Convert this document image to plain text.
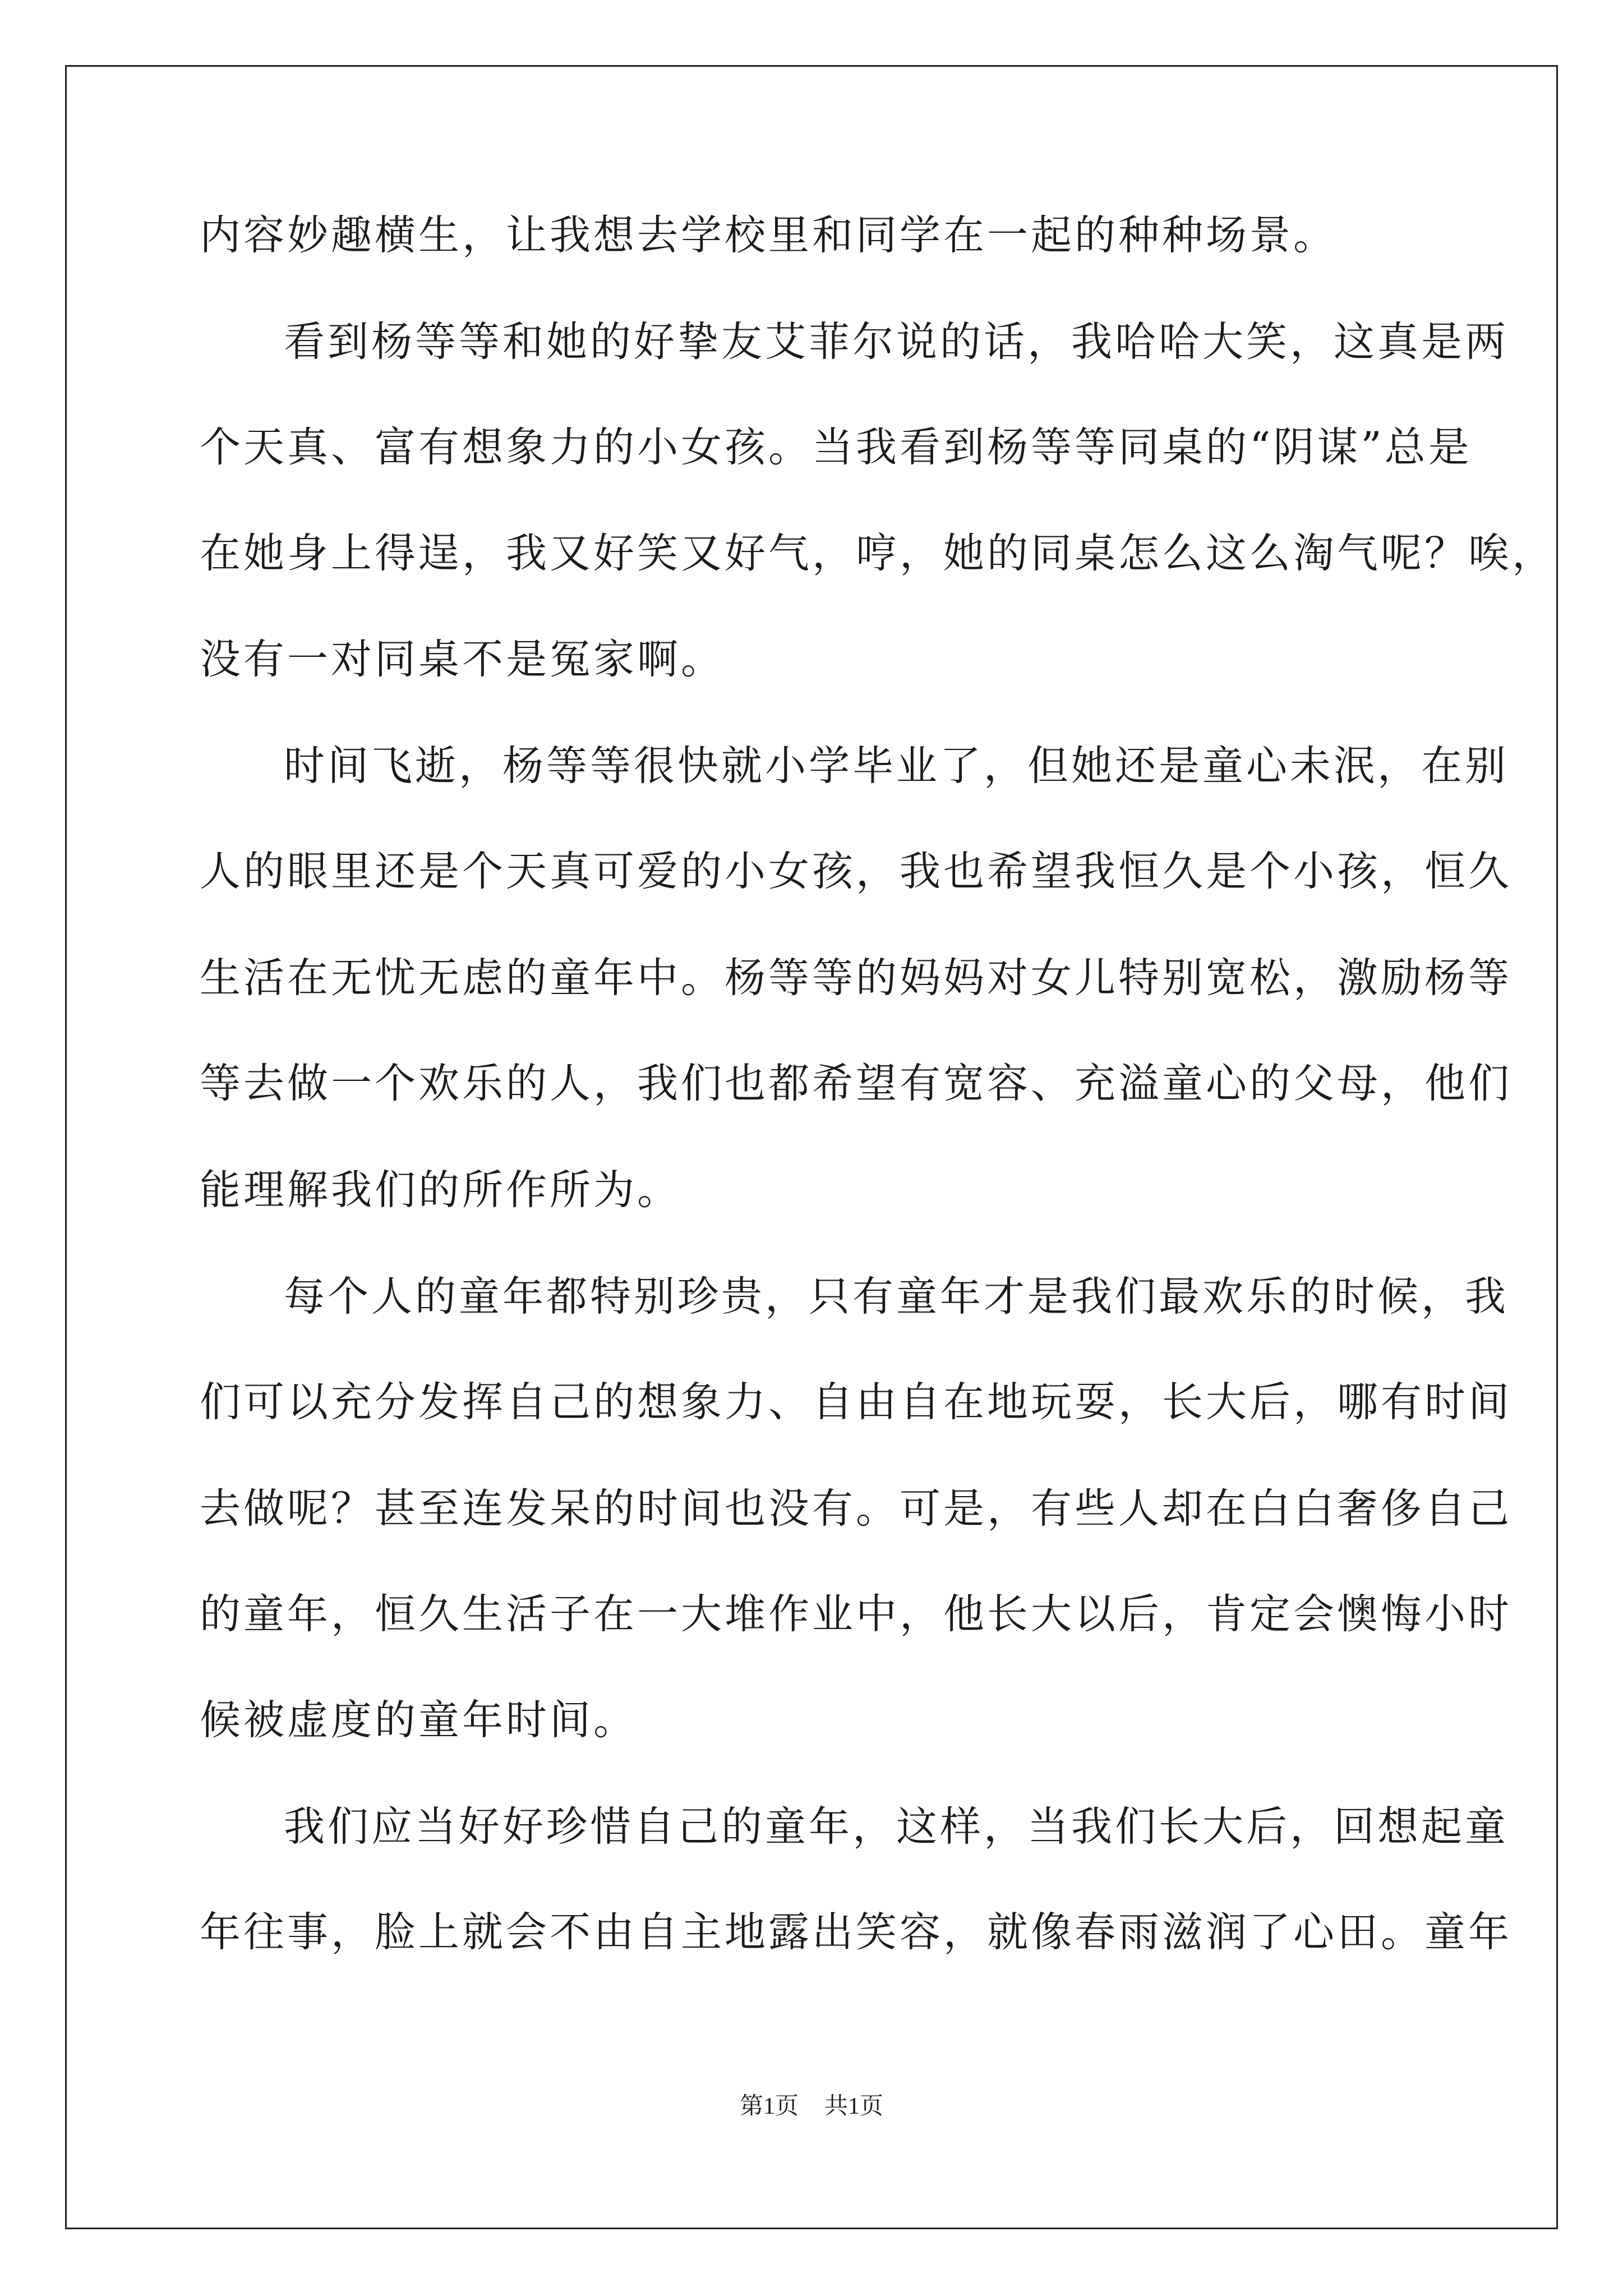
内容妙趣横生，让我想去学校里和同学在一起的种种场景。
看到杨等等和她的好挚友艾菲尔说的话，我哈哈大笑，这真是两
个天真、富有想象力的小女孩。当我看到杨等等同桌的“阴谋”总是
在她身上得逞，我又好笑又好气，哼，她的同桌怎么这么淘气呢？唉，
没有一对同桌不是冤家啊。
时间飞逝，杨等等很快就小学毕业了，但她还是童心未泯，在别
人的眼里还是个天真可爱的小女孩，我也希望我恒久是个小孩，恒久
生活在无忧无虑的童年中。杨等等的妈妈对女儿特别宽松，激励杨等
等去做一个欢乐的人，我们也都希望有宽容、充溢童心的父母，他们
能理解我们的所作所为。
每个人的童年都特别珍贵，只有童年才是我们最欢乐的时候，我
们可以充分发挥自己的想象力、自由自在地玩耍，长大后，哪有时间
去做呢？甚至连发呆的时间也没有。可是，有些人却在白白奢侈自己
的童年，恒久生活子在一大堆作业中，他长大以后，肯定会懊悔小时
候被虚度的童年时间。
我们应当好好珍惜自己的童年，这样，当我们长大后，回想起童
年往事，脸上就会不由自主地露出笑容，就像春雨滋润了心田。童年
第1页 共1页
